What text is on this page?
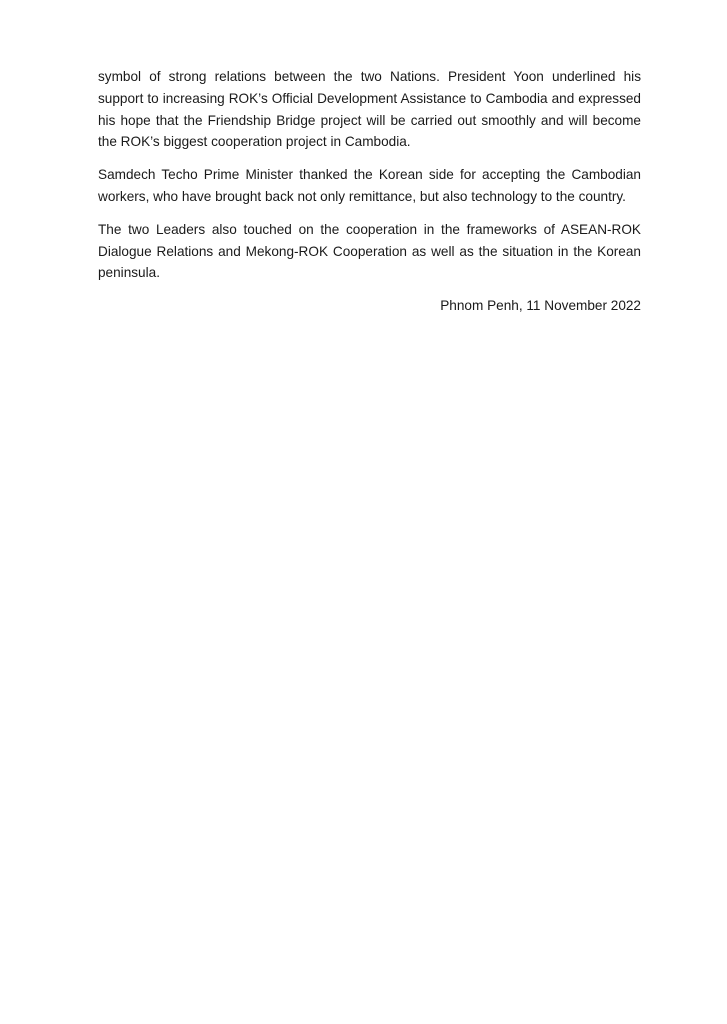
symbol of strong relations between the two Nations. President Yoon underlined his support to increasing ROK’s Official Development Assistance to Cambodia and expressed his hope that the Friendship Bridge project will be carried out smoothly and will become the ROK’s biggest cooperation project in Cambodia.

Samdech Techo Prime Minister thanked the Korean side for accepting the Cambodian workers, who have brought back not only remittance, but also technology to the country.

The two Leaders also touched on the cooperation in the frameworks of ASEAN-ROK Dialogue Relations and Mekong-ROK Cooperation as well as the situation in the Korean peninsula.

Phnom Penh, 11 November 2022
